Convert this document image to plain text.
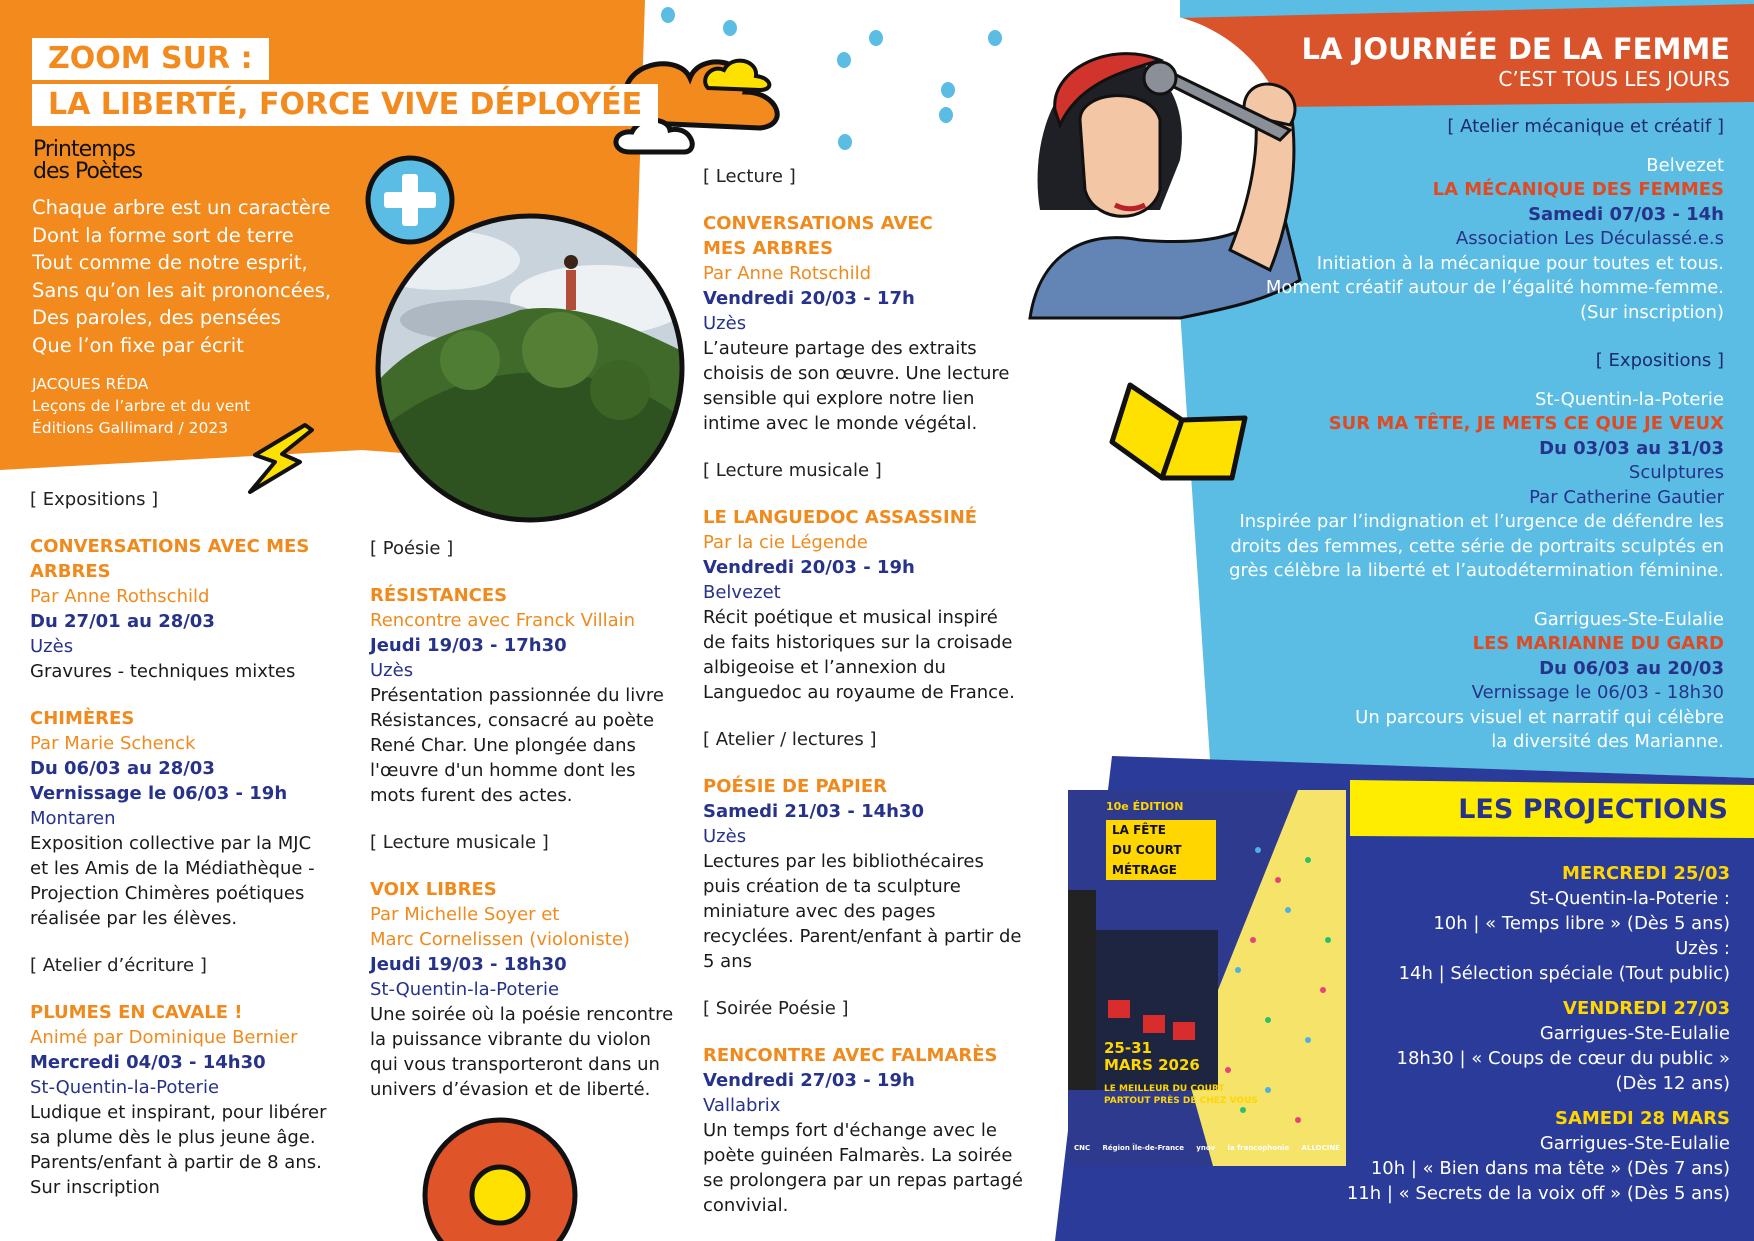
10e ÉDITION
LA FÊTE
DU COURT
MÉTRAGE
25-31
MARS 2026
LE MEILLEUR DU COURT
PARTOUT PRÈS DE CHEZ VOUS
CNC Région Île-de-France ynov la francophonie ALLOCINÉ
ZOOM SUR :
LA LIBERTÉ, FORCE VIVE DÉPLOYÉE
Printemps
des Poètes
Chaque arbre est un caractère
Dont la forme sort de terre
Tout comme de notre esprit,
Sans qu’on les ait prononcées,
Des paroles, des pensées
Que l’on fixe par écrit
JACQUES RÉDA
Leçons de l’arbre et du vent
Éditions Gallimard / 2023
[ Expositions ]
CONVERSATIONS AVEC MES ARBRES
Par Anne Rothschild
Du 27/01 au 28/03
Uzès
Gravures - techniques mixtes
CHIMÈRES
Par Marie Schenck
Du 06/03 au 28/03
Vernissage le 06/03 - 19h
Montaren
Exposition collective par la MJC et les Amis de la Médiathèque - Projection Chimères poétiques réalisée par les élèves.
[ Atelier d’écriture ]
PLUMES EN CAVALE !
Animé par Dominique Bernier
Mercredi 04/03 - 14h30
St-Quentin-la-Poterie
Ludique et inspirant, pour libérer sa plume dès le plus jeune âge. Parents/enfant à partir de 8 ans. Sur inscription
[ Poésie ]
RÉSISTANCES
Rencontre avec Franck Villain
Jeudi 19/03 - 17h30
Uzès
Présentation passionnée du livre Résistances, consacré au poète René Char. Une plongée dans l'œuvre d'un homme dont les mots furent des actes.
[ Lecture musicale ]
VOIX LIBRES
Par Michelle Soyer et
Marc Cornelissen (violoniste)
Jeudi 19/03 - 18h30
St-Quentin-la-Poterie
Une soirée où la poésie rencontre la puissance vibrante du violon qui vous transporteront dans un univers d’évasion et de liberté.
[ Lecture ]
CONVERSATIONS AVEC MES ARBRES
Par Anne Rotschild
Vendredi 20/03 - 17h
Uzès
L’auteure partage des extraits choisis de son œuvre. Une lecture sensible qui explore notre lien intime avec le monde végétal.
[ Lecture musicale ]
LE LANGUEDOC ASSASSINÉ
Par la cie Légende
Vendredi 20/03 - 19h
Belvezet
Récit poétique et musical inspiré de faits historiques sur la croisade albigeoise et l’annexion du Languedoc au royaume de France.
[ Atelier / lectures ]
POÉSIE DE PAPIER
Samedi 21/03 - 14h30
Uzès
Lectures par les bibliothécaires puis création de ta sculpture miniature avec des pages recyclées. Parent/enfant à partir de 5 ans
[ Soirée Poésie ]
RENCONTRE AVEC FALMARÈS
Vendredi 27/03 - 19h
Vallabrix
Un temps fort d'échange avec le poète guinéen Falmarès. La soirée se prolongera par un repas partagé convivial.
LA JOURNÉE DE LA FEMME
C’EST TOUS LES JOURS
[ Atelier mécanique et créatif ]
Belvezet
LA MÉCANIQUE DES FEMMES
Samedi 07/03 - 14h
Association Les Déculassé.e.s
Initiation à la mécanique pour toutes et tous.
Moment créatif autour de l’égalité homme-femme.
(Sur inscription)
[ Expositions ]
St-Quentin-la-Poterie
SUR MA TÊTE, JE METS CE QUE JE VEUX
Du 03/03 au 31/03
Sculptures
Par Catherine Gautier
Inspirée par l’indignation et l’urgence de défendre les
droits des femmes, cette série de portraits sculptés en
grès célèbre la liberté et l’autodétermination féminine.
Garrigues-Ste-Eulalie
LES MARIANNE DU GARD
Du 06/03 au 20/03
Vernissage le 06/03 - 18h30
Un parcours visuel et narratif qui célèbre
la diversité des Marianne.
LES PROJECTIONS
MERCREDI 25/03
St-Quentin-la-Poterie :
10h | « Temps libre » (Dès 5 ans)
Uzès :
14h | Sélection spéciale (Tout public)
VENDREDI 27/03
Garrigues-Ste-Eulalie
18h30 | « Coups de cœur du public »
(Dès 12 ans)
SAMEDI 28 MARS
Garrigues-Ste-Eulalie
10h | « Bien dans ma tête » (Dès 7 ans)
11h | « Secrets de la voix off » (Dès 5 ans)
